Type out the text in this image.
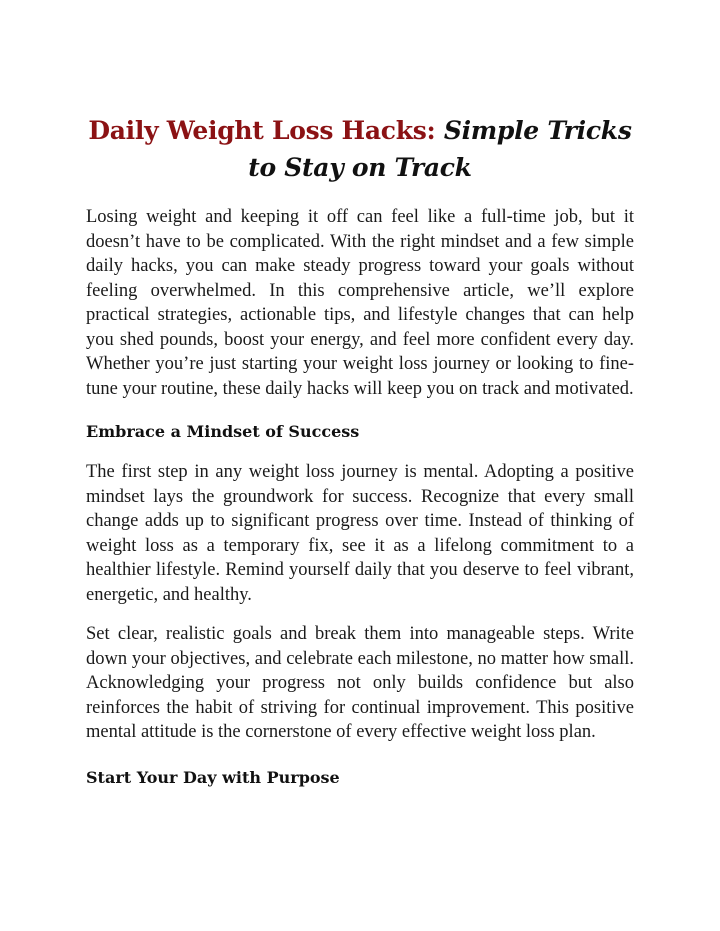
Daily Weight Loss Hacks: Simple Tricks to Stay on Track

Losing weight and keeping it off can feel like a full-time job, but it doesn’t have to be complicated. With the right mindset and a few simple daily hacks, you can make steady progress toward your goals without feeling overwhelmed. In this comprehensive article, we’ll explore practical strategies, actionable tips, and lifestyle changes that can help you shed pounds, boost your energy, and feel more confident every day. Whether you’re just starting your weight loss journey or looking to fine-tune your routine, these daily hacks will keep you on track and motivated.

Embrace a Mindset of Success

The first step in any weight loss journey is mental. Adopting a positive mindset lays the groundwork for success. Recognize that every small change adds up to significant progress over time. Instead of thinking of weight loss as a temporary fix, see it as a lifelong commitment to a healthier lifestyle. Remind yourself daily that you deserve to feel vibrant, energetic, and healthy.

Set clear, realistic goals and break them into manageable steps. Write down your objectives, and celebrate each milestone, no matter how small. Acknowledging your progress not only builds confidence but also reinforces the habit of striving for continual improvement. This positive mental attitude is the cornerstone of every effective weight loss plan.

Start Your Day with Purpose
